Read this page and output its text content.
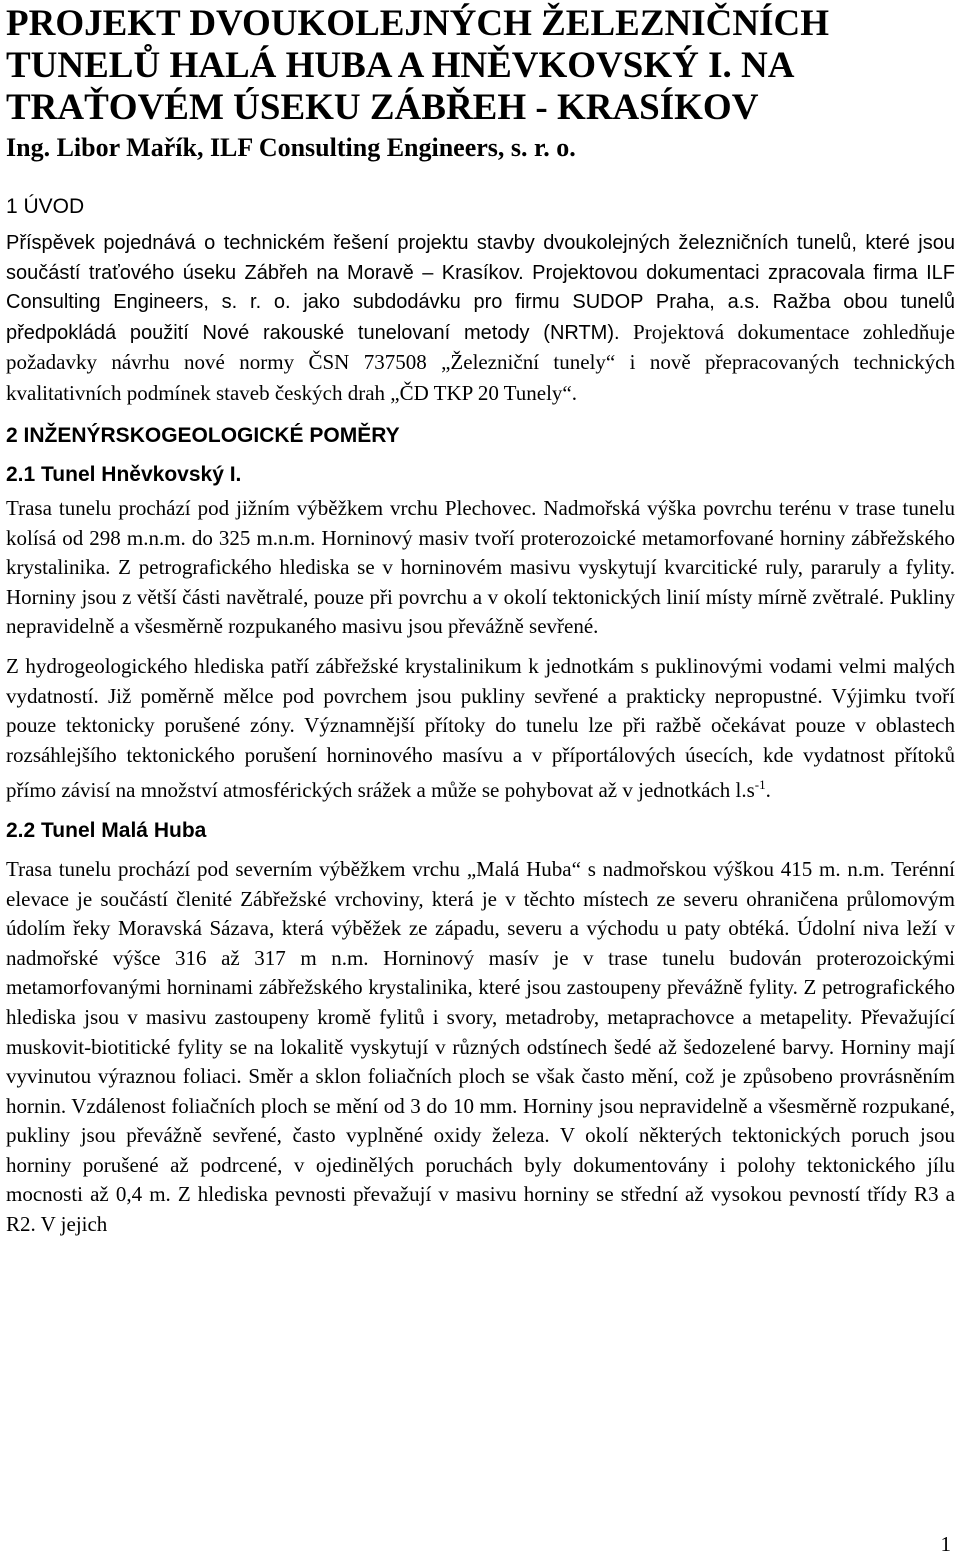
PROJEKT DVOUKOLEJNÝCH ŽELEZNIČNÍCH TUNELŮ HALÁ HUBA A HNĚVKOVSKÝ I. NA TRAŤOVÉM ÚSEKU ZÁBŘEH - KRASÍKOV
Ing. Libor Mařík, ILF Consulting Engineers, s. r. o.
1 ÚVOD

Příspěvek pojednává o technickém řešení projektu stavby dvoukolejných železničních tunelů, které jsou součástí traťového úseku Zábřeh na Moravě – Krasíkov. Projektovou dokumentaci zpracovala firma ILF Consulting Engineers, s. r. o. jako subdodávku pro firmu SUDOP Praha, a.s. Ražba obou tunelů předpokládá použití Nové rakouské tunelovaní metody (NRTM). Projektová dokumentace zohledňuje požadavky návrhu nové normy ČSN 737508 „Železniční tunely“ i nově přepracovaných technických kvalitativních podmínek staveb českých drah „ČD TKP 20 Tunely“.

2 INŽENÝRSKOGEOLOGICKÉ POMĚRY
2.1 Tunel Hněvkovský I.

Trasa tunelu prochází pod jižním výběžkem vrchu Plechovec. Nadmořská výška povrchu terénu v trase tunelu kolísá od 298 m.n.m. do 325 m.n.m. Horninový masiv tvoří proterozoické metamorfované horniny zábřežského krystalinika. Z petrografického hlediska se v horninovém masivu vyskytují kvarcitické ruly, pararuly a fylity. Horniny jsou z větší části navětralé, pouze při povrchu a v okolí tektonických linií místy mírně zvětralé. Pukliny nepravidelně a všesměrně rozpukaného masivu jsou převážně sevřené.

Z hydrogeologického hlediska patří zábřežské krystalinikum k jednotkám s puklinovými vodami velmi malých vydatností. Již poměrně mělce pod povrchem jsou pukliny sevřené a prakticky nepropustné. Výjimku tvoří pouze tektonicky porušené zóny. Významnější přítoky do tunelu lze při ražbě očekávat pouze v oblastech rozsáhlejšího tektonického porušení horninového masívu a v příportálových úsecích, kde vydatnost přítoků přímo závisí na množství atmosférických srážek a může se pohybovat až v jednotkách $l.s^{-1}$.

2.2 Tunel Malá Huba

Trasa tunelu prochází pod severním výběžkem vrchu „Malá Huba“ s nadmořskou výškou 415 m. n.m. Terénní elevace je součástí členité Zábřežské vrchoviny, která je v těchto místech ze severu ohraničena průlomovým údolím řeky Moravská Sázava, která výběžek ze západu, severu a východu u paty obtéká. Údolní niva leží v nadmořské výšce 316 až 317 m n.m. Horninový masív je v trase tunelu budován proterozoickými metamorfovanými horninami zábřežského krystalinika, které jsou zastoupeny převážně fylity. Z petrografického hlediska jsou v masivu zastoupeny kromě fylitů i svory, metadroby, metaprachovce a metapelity. Převažující muskovit-biotitické fylity se na lokalitě vyskytují v různých odstínech šedé až šedozelené barvy. Horniny mají vyvinutou výraznou foliaci. Směr a sklon foliačních ploch se však často mění, což je způsobeno provrásněním hornin. Vzdálenost foliačních ploch se mění od 3 do 10 mm. Horniny jsou nepravidelně a všesměrně rozpukané, pukliny jsou převážně sevřené, často vyplněné oxidy železa. V okolí některých tektonických poruch jsou horniny porušené až podrcené, v ojedinělých poruchách byly dokumentovány i polohy tektonického jílu mocnosti až 0,4 m. Z hlediska pevnosti převažují v masivu horniny se střední až vysokou pevností třídy R3 a R2. V jejich

1
